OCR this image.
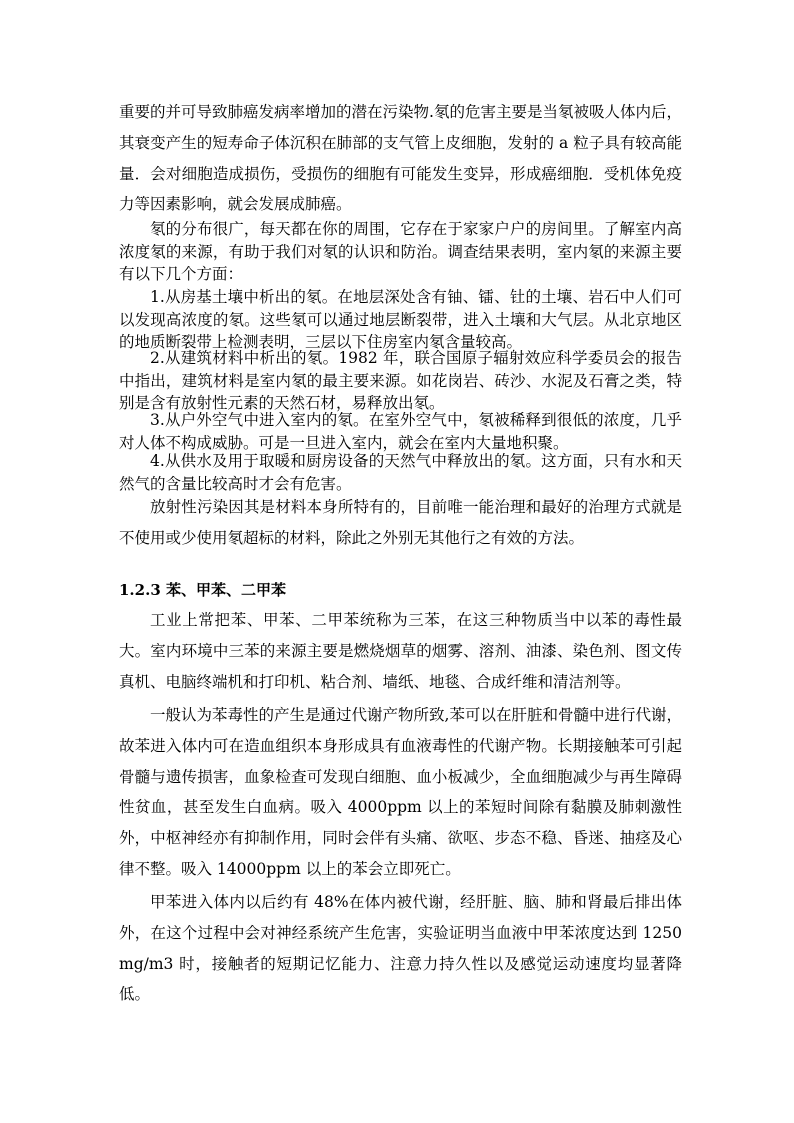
重要的并可导致肺癌发病率增加的潜在污染物.氡的危害主要是当氡被吸人体内后，其衰变产生的短寿命子体沉积在肺部的支气管上皮细胞，发射的 a 粒子具有较高能量．会对细胞造成损伤，受损伤的细胞有可能发生变异，形成癌细胞．受机体免疫力等因素影响，就会发展成肺癌。

氡的分布很广，每天都在你的周围，它存在于家家户户的房间里。了解室内高浓度氡的来源，有助于我们对氡的认识和防治。调查结果表明，室内氡的来源主要有以下几个方面：

1.从房基土壤中析出的氡。在地层深处含有铀、镭、钍的土壤、岩石中人们可以发现高浓度的氡。这些氡可以通过地层断裂带，进入土壤和大气层。从北京地区的地质断裂带上检测表明，三层以下住房室内氡含量较高。

2.从建筑材料中析出的氡。1982 年，联合国原子辐射效应科学委员会的报告中指出，建筑材料是室内氡的最主要来源。如花岗岩、砖沙、水泥及石膏之类，特别是含有放射性元素的天然石材，易释放出氡。

3.从户外空气中进入室内的氡。在室外空气中，氡被稀释到很低的浓度，几乎对人体不构成威胁。可是一旦进入室内，就会在室内大量地积聚。

4.从供水及用于取暖和厨房设备的天然气中释放出的氡。这方面，只有水和天然气的含量比较高时才会有危害。

放射性污染因其是材料本身所特有的，目前唯一能治理和最好的治理方式就是不使用或少使用氡超标的材料，除此之外别无其他行之有效的方法。

1.2.3 苯、甲苯、二甲苯

工业上常把苯、甲苯、二甲苯统称为三苯，在这三种物质当中以苯的毒性最大。室内环境中三苯的来源主要是燃烧烟草的烟雾、溶剂、油漆、染色剂、图文传真机、电脑终端机和打印机、粘合剂、墙纸、地毯、合成纤维和清洁剂等。

一般认为苯毒性的产生是通过代谢产物所致,苯可以在肝脏和骨髓中进行代谢，故苯进入体内可在造血组织本身形成具有血液毒性的代谢产物。长期接触苯可引起骨髓与遗传损害，血象检查可发现白细胞、血小板减少，全血细胞减少与再生障碍性贫血，甚至发生白血病。吸入 4000ppm 以上的苯短时间除有黏膜及肺刺激性外，中枢神经亦有抑制作用，同时会伴有头痛、欲呕、步态不稳、昏迷、抽痉及心律不整。吸入 14000ppm 以上的苯会立即死亡。

甲苯进入体内以后约有 48%在体内被代谢，经肝脏、脑、肺和肾最后排出体外，在这个过程中会对神经系统产生危害，实验证明当血液中甲苯浓度达到 1250mg/m3 时，接触者的短期记忆能力、注意力持久性以及感觉运动速度均显著降低。
